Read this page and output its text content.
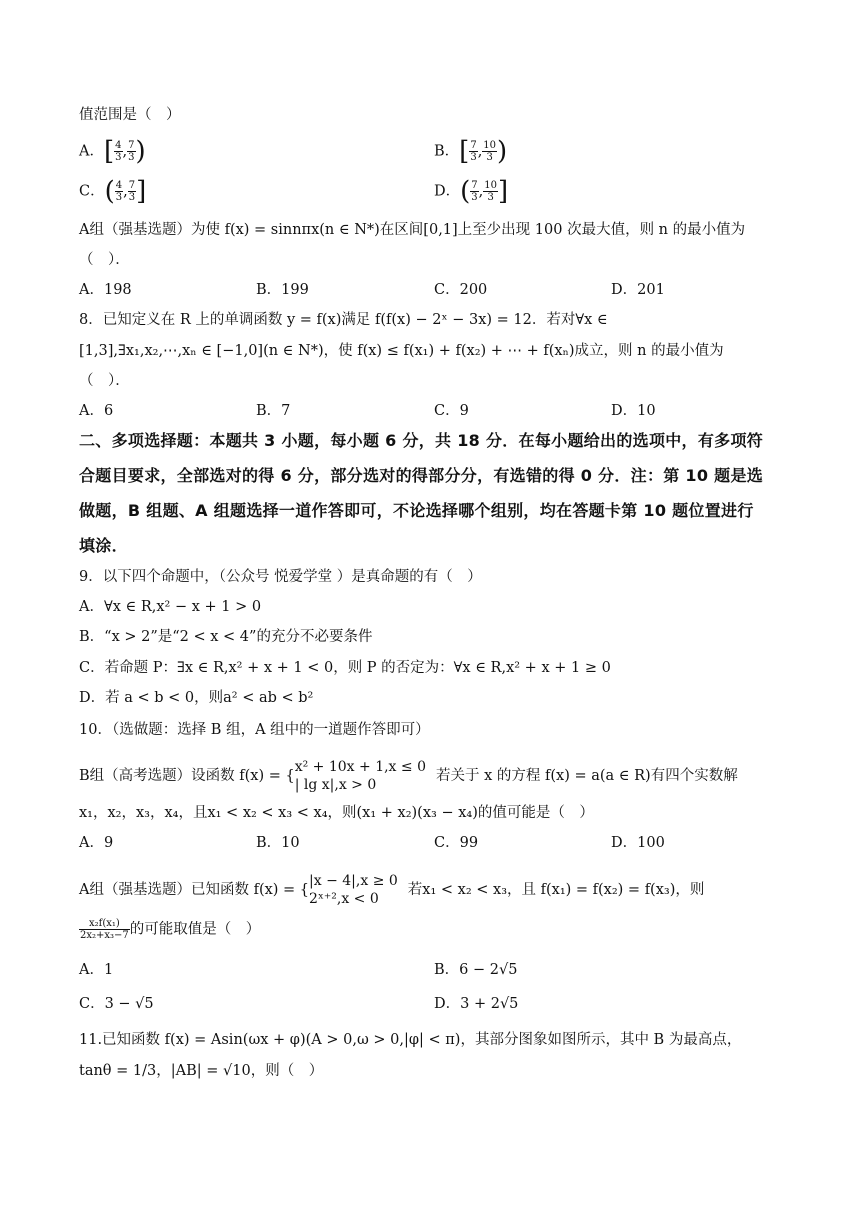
值范围是（　）
A．[ $\frac{4}{3}$ , $\frac{7}{3}$ )	B．[ $\frac{7}{3}$ , $\frac{10}{3}$ )
C．( $\frac{4}{3}$ , $\frac{7}{3}$ ]	D．( $\frac{7}{3}$ , $\frac{10}{3}$ ]
A组（强基选题）为使 f(x) = sinnπx(n ∈ N*)在区间[0,1]上至少出现 100 次最大值，则 n 的最小值为
（　）．
A．198	B．199	C．200	D．201
8．已知定义在 R 上的单调函数 y = f(x)满足 f(f(x) − 2ˣ − 3x) = 12．若对∀x ∈
[1,3],∃x₁,x₂,⋯,xₙ ∈ [−1,0](n ∈ N*)，使 f(x) ≤ f(x₁) + f(x₂) + ⋯ + f(xₙ)成立，则 n 的最小值为
（　）．
A．6	B．7	C．9	D．10
二、多项选择题：本题共 3 小题，每小题 6 分，共 18 分．在每小题给出的选项中，有多项符
合题目要求，全部选对的得 6 分，部分选对的得部分分，有选错的得 0 分．注：第 10 题是选
做题，B 组题、A 组题选择一道作答即可，不论选择哪个组别，均在答题卡第 10 题位置进行
填涂．
9．以下四个命题中，（公众号 悦爱学堂 ）是真命题的有（　）
A．∀x ∈ R,x² − x + 1 > 0
B．“x > 2”是“2 < x < 4”的充分不必要条件
C．若命题 P：∃x ∈ R,x² + x + 1 < 0，则 P 的否定为：∀x ∈ R,x² + x + 1 ≥ 0
D．若 a < b < 0，则a² < ab < b²
10．（选做题：选择 B 组，A 组中的一道题作答即可）
B组（高考选题）设函数 f(x) = {
x² + 10x + 1,x ≤ 0
| lg x|,x > 0
若关于 x 的方程 f(x) = a(a ∈ R)有四个实数解
x₁，x₂，x₃，x₄，且x₁ < x₂ < x₃ < x₄，则(x₁ + x₂)(x₃ − x₄)的值可能是（　）
A．9	B．10	C．99	D．100
A组（强基选题）已知函数 f(x) = {
|x − 4|,x ≥ 0
2ˣ⁺²,x < 0
若x₁ < x₂ < x₃，且 f(x₁) = f(x₂) = f(x₃)，则
$\frac{\text{x₂f(x₁)}}{\text{2x₂+x₃−7}}$ 的可能取值是（　）
A．1	B．6 − 2√5
C．3 − √5	D．3 + 2√5
11.已知函数 f(x) = Asin(ωx + φ)(A > 0,ω > 0,|φ| < π)，其部分图象如图所示，其中 B 为最高点，
tanθ = 1/3，|AB| = √10，则（　）
